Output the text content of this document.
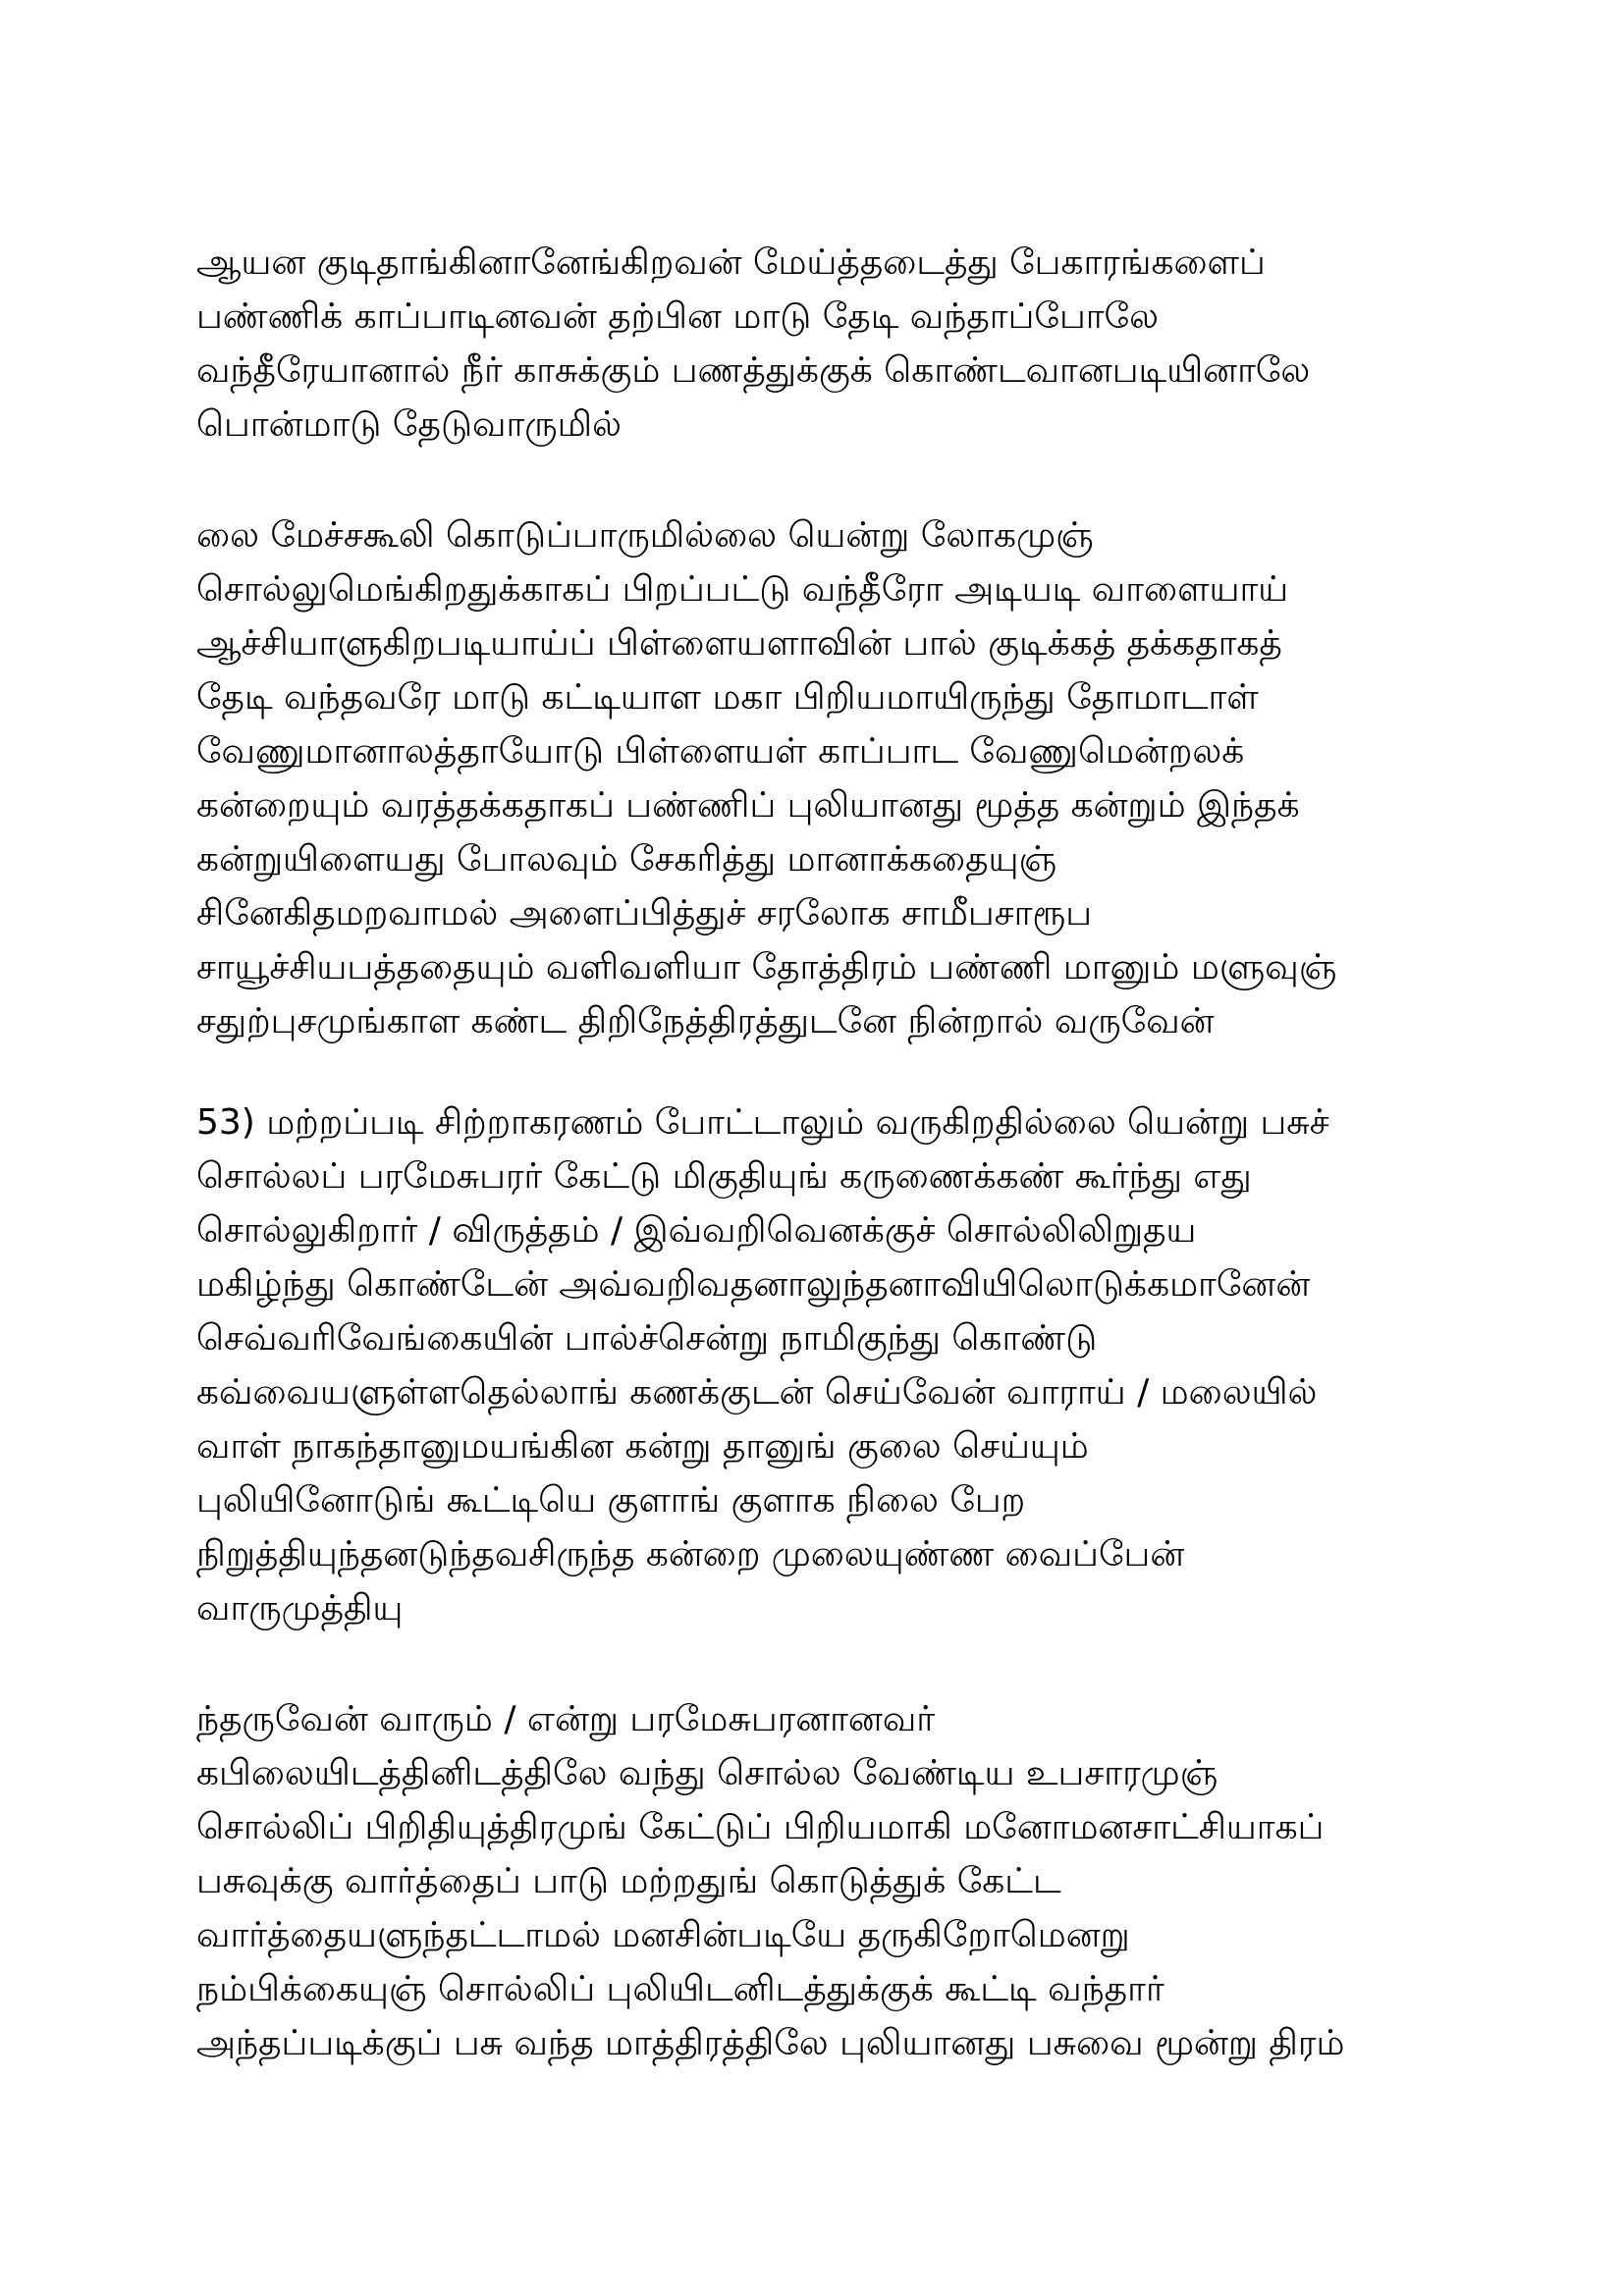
ஆயன குடிதாங்கினானேங்கிறவன் மேய்த்தடைத்து பேகாரங்களைப்
பண்ணிக் காப்பாடினவன் தற்பின மாடு தேடி வந்தாப்போலே
வந்தீரேயானால் நீர் காசுக்கும் பணத்துக்குக் கொண்டவானபடியினாலே
பொன்மாடு தேடுவாருமில்

லை மேச்சகூலி கொடுப்பாருமில்லை யென்று லோகமுஞ்
சொல்லுமெங்கிறதுக்காகப் பிறப்பட்டு வந்தீரோ அடியடி வாளையாய்
ஆச்சியாளுகிறபடியாய்ப் பிள்ளையளாவின் பால் குடிக்கத் தக்கதாகத்
தேடி வந்தவரே மாடு கட்டியாள மகா பிறியமாயிருந்து தோமாடாள்
வேணுமானாலத்தாயோடு பிள்ளையள் காப்பாட வேணுமென்றலக்
கன்றையும் வரத்தக்கதாகப் பண்ணிப் புலியானது மூத்த கன்றும் இந்தக்
கன்றுயிளையது போலவும் சேகரித்து மானாக்கதையுஞ்
சினேகிதமறவாமல் அளைப்பித்துச் சரலோக சாமீபசாரூப
சாயூச்சியபத்ததையும் வளிவளியா தோத்திரம் பண்ணி மானும் மளுவுஞ்
சதுற்புசமுங்காள கண்ட திறிநேத்திரத்துடனே நின்றால் வருவேன்

53) மற்றப்படி சிற்றாகரணம் போட்டாலும் வருகிறதில்லை யென்று பசுச்
சொல்லப் பரமேசுபரர் கேட்டு மிகுதியுங் கருணைக்கண் கூர்ந்து எது
சொல்லுகிறார் / விருத்தம் / இவ்வறிவெனக்குச் சொல்லிலிறுதய
மகிழ்ந்து கொண்டேன் அவ்வறிவதனாலுந்தனாவியிலொடுக்கமானேன்
செவ்வரிவேங்கையின் பால்ச்சென்று நாமிகுந்து கொண்டு
கவ்வையளுள்ளதெல்லாங் கணக்குடன் செய்வேன் வாராய் / மலையில்
வாள் நாகந்தானுமயங்கின கன்று தானுங் குலை செய்யும்
புலியினோடுங் கூட்டியெ குளாங் குளாக நிலை பேற
நிறுத்தியுந்தனடுந்தவசிருந்த கன்றை முலையுண்ண வைப்பேன்
வாருமுத்தியு

ந்தருவேன் வாரும் / என்று பரமேசுபரனானவர்
கபிலையிடத்தினிடத்திலே வந்து சொல்ல வேண்டிய உபசாரமுஞ்
சொல்லிப் பிறிதியுத்திரமுங் கேட்டுப் பிறியமாகி மனோமனசாட்சியாகப்
பசுவுக்கு வார்த்தைப் பாடு மற்றதுங் கொடுத்துக் கேட்ட
வார்த்தையளுந்தட்டாமல் மனசின்படியே தருகிறோமெனறு
நம்பிக்கையுஞ் சொல்லிப் புலியிடனிடத்துக்குக் கூட்டி வந்தார்
அந்தப்படிக்குப் பசு வந்த மாத்திரத்திலே புலியானது பசுவை மூன்று திரம்
